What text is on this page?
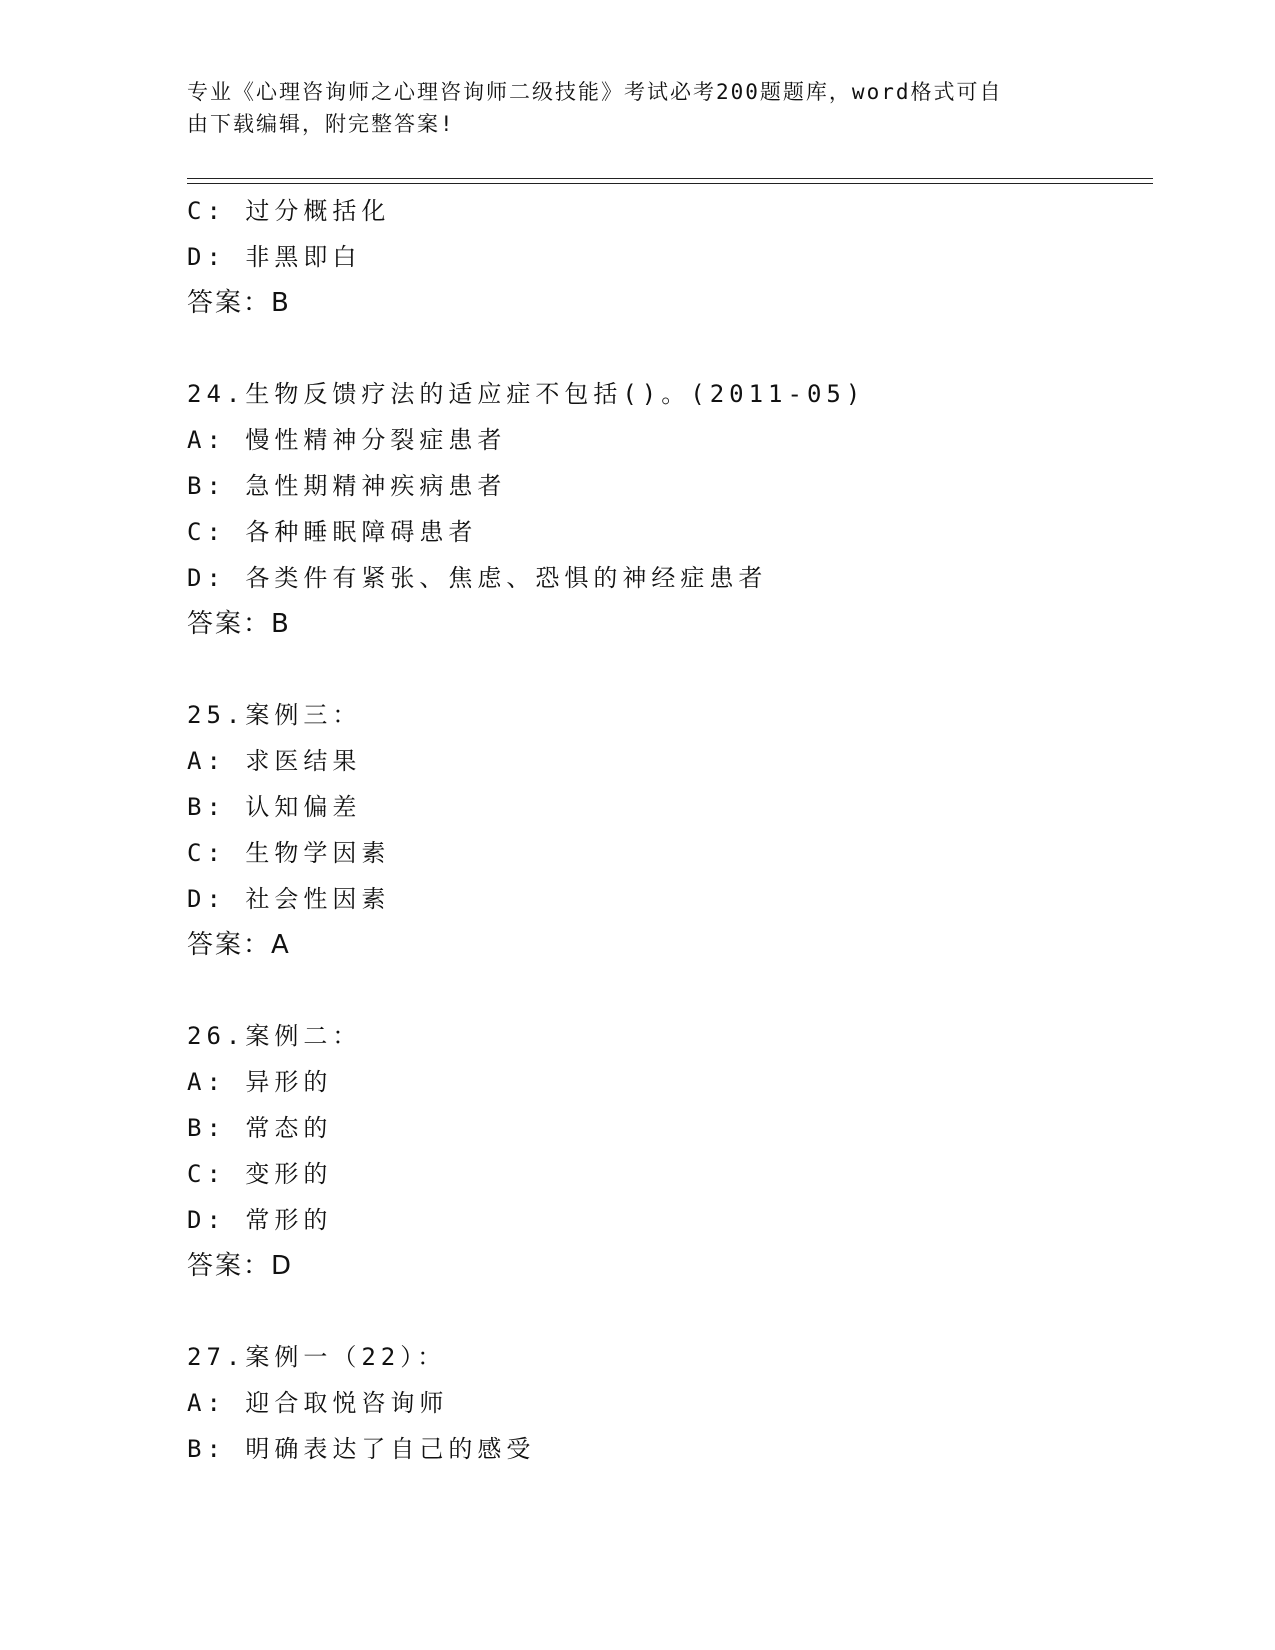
专业《心理咨询师之心理咨询师二级技能》考试必考200题题库，word格式可自
由下载编辑，附完整答案!
C: 过分概括化
D: 非黑即白
答案：B
24.生物反馈疗法的适应症不包括()。(2011-05)
A: 慢性精神分裂症患者
B: 急性期精神疾病患者
C: 各种睡眠障碍患者
D: 各类件有紧张、焦虑、恐惧的神经症患者
答案：B
25.案例三：
A: 求医结果
B: 认知偏差
C: 生物学因素
D: 社会性因素
答案：A
26.案例二：
A: 异形的
B: 常态的
C: 变形的
D: 常形的
答案：D
27.案例一（22）：
A: 迎合取悦咨询师
B: 明确表达了自己的感受
